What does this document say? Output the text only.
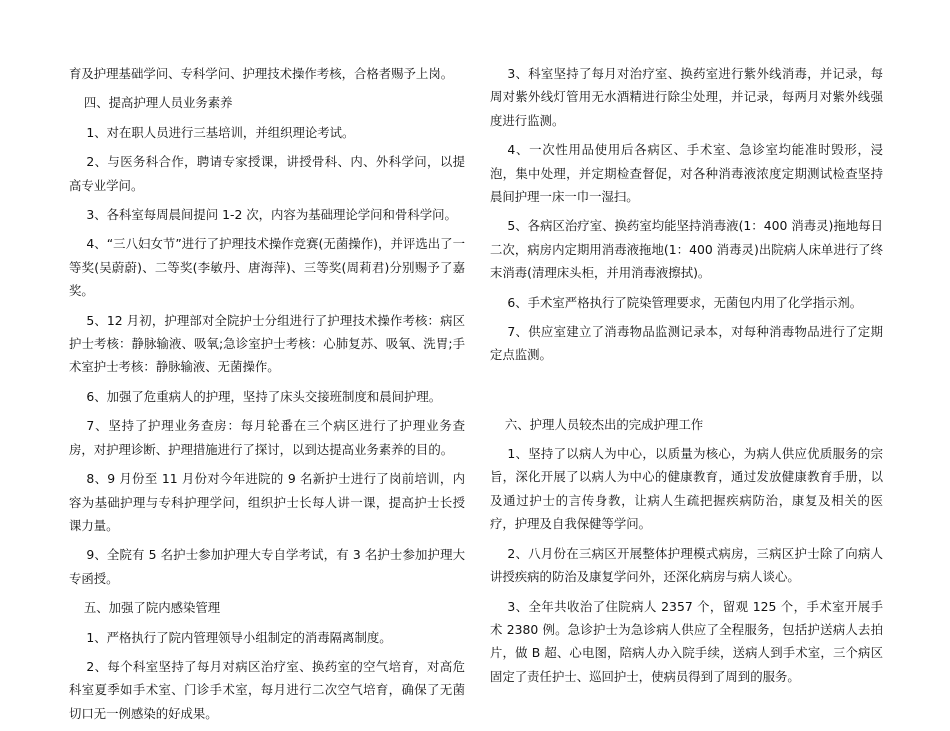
育及护理基础学问、专科学问、护理技术操作考核，合格者赐予上岗。

四、提高护理人员业务素养

1、对在职人员进行三基培训，并组织理论考试。

2、与医务科合作，聘请专家授课，讲授骨科、内、外科学问，以提高专业学问。

3、各科室每周晨间提问 1-2 次，内容为基础理论学问和骨科学问。

4、“三八妇女节”进行了护理技术操作竞赛(无菌操作)，并评选出了一等奖(吴蔚蔚)、二等奖(李敏丹、唐海萍)、三等奖(周莉君)分别赐予了嘉奖。

5、12 月初，护理部对全院护士分组进行了护理技术操作考核：病区护士考核：静脉输液、吸氧;急诊室护士考核：心肺复苏、吸氧、洗胃;手术室护士考核：静脉输液、无菌操作。

6、加强了危重病人的护理，坚持了床头交接班制度和晨间护理。

7、坚持了护理业务查房：每月轮番在三个病区进行了护理业务查房，对护理诊断、护理措施进行了探讨，以到达提高业务素养的目的。

8、9 月份至 11 月份对今年进院的 9 名新护士进行了岗前培训，内容为基础护理与专科护理学问，组织护士长每人讲一课，提高护士长授课力量。

9、全院有 5 名护士参加护理大专自学考试，有 3 名护士参加护理大专函授。

五、加强了院内感染管理

1、严格执行了院内管理领导小组制定的消毒隔离制度。

2、每个科室坚持了每月对病区治疗室、换药室的空气培育，对高危科室夏季如手术室、门诊手术室，每月进行二次空气培育，确保了无菌切口无一例感染的好成果。

3、科室坚持了每月对治疗室、换药室进行紫外线消毒，并记录，每周对紫外线灯管用无水酒精进行除尘处理，并记录，每两月对紫外线强度进行监测。

4、一次性用品使用后各病区、手术室、急诊室均能准时毁形，浸泡，集中处理，并定期检查督促，对各种消毒液浓度定期测试检查坚持晨间护理一床一巾一湿扫。

5、各病区治疗室、换药室均能坚持消毒液(1：400 消毒灵)拖地每日二次，病房内定期用消毒液拖地(1：400 消毒灵)出院病人床单进行了终末消毒(清理床头柜，并用消毒液擦拭)。

6、手术室严格执行了院染管理要求，无菌包内用了化学指示剂。

7、供应室建立了消毒物品监测记录本，对每种消毒物品进行了定期定点监测。

六、护理人员较杰出的完成护理工作

1、坚持了以病人为中心，以质量为核心，为病人供应优质服务的宗旨，深化开展了以病人为中心的健康教育，通过发放健康教育手册，以及通过护士的言传身教，让病人生疏把握疾病防治，康复及相关的医疗，护理及自我保健等学问。

2、八月份在三病区开展整体护理模式病房，三病区护士除了向病人讲授疾病的防治及康复学问外，还深化病房与病人谈心。

3、全年共收治了住院病人 2357 个，留观 125 个，手术室开展手术 2380 例。急诊护士为急诊病人供应了全程服务，包括护送病人去拍片，做 B 超、心电图，陪病人办入院手续，送病人到手术室，三个病区固定了责任护士、巡回护士，使病员得到了周到的服务。
